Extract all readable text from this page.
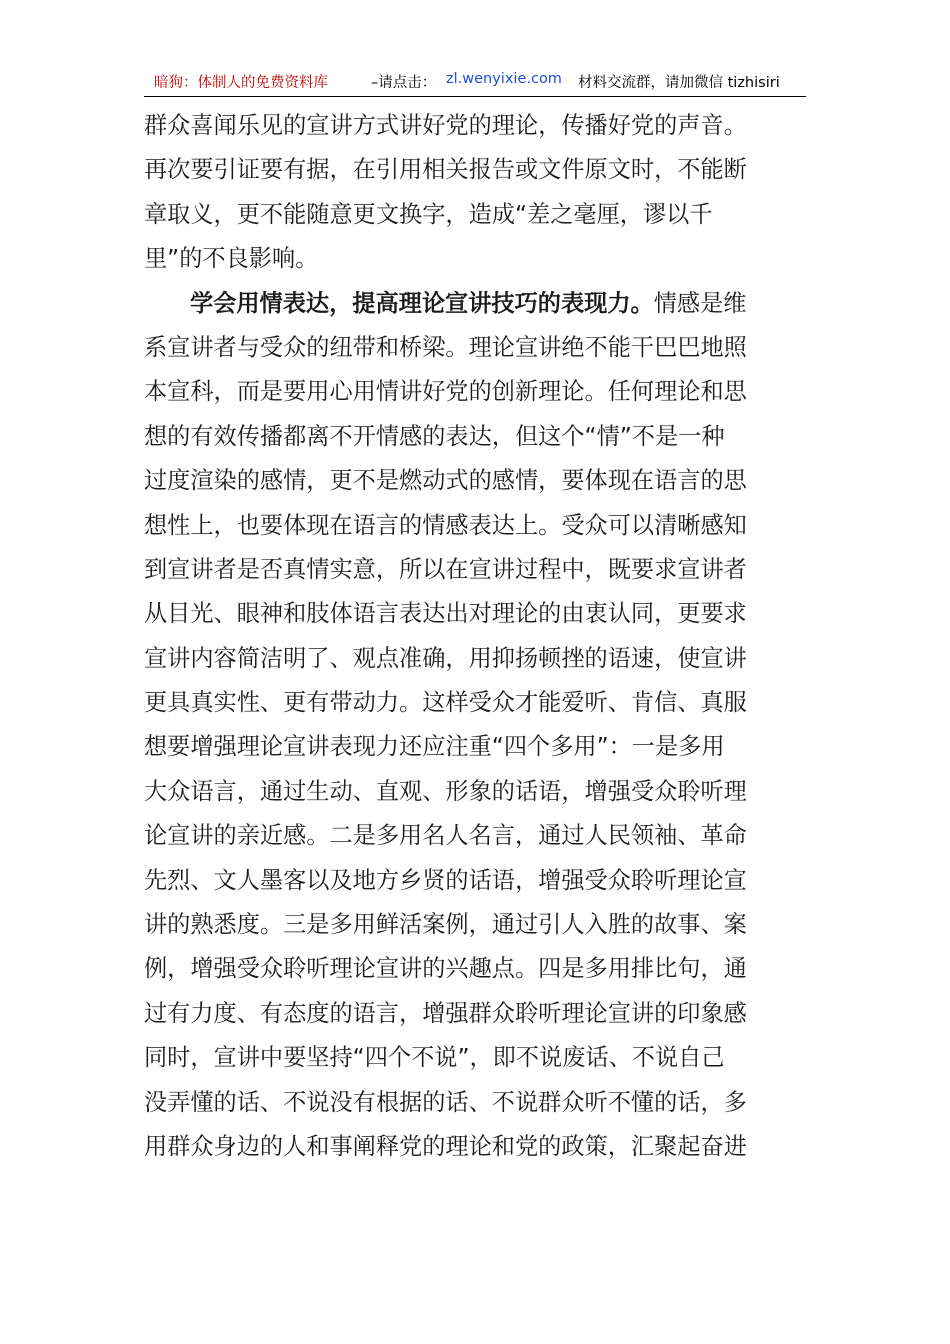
暗狗：体制人的免费资料库	–请点击： zl.wenyixie.com 材料交流群，请加微信 tizhisiri
群众喜闻乐见的宣讲方式讲好党的理论，传播好党的声音。
再次要引证要有据，在引用相关报告或文件原文时，不能断
章取义，更不能随意更文换字，造成“差之毫厘，谬以千
里”的不良影响。
学会用情表达，提高理论宣讲技巧的表现力。情感是维
系宣讲者与受众的纽带和桥梁。理论宣讲绝不能干巴巴地照
本宣科，而是要用心用情讲好党的创新理论。任何理论和思
想的有效传播都离不开情感的表达，但这个“情”不是一种
过度渲染的感情，更不是燃动式的感情，要体现在语言的思
想性上，也要体现在语言的情感表达上。受众可以清晰感知
到宣讲者是否真情实意，所以在宣讲过程中，既要求宣讲者
从目光、眼神和肢体语言表达出对理论的由衷认同，更要求
宣讲内容简洁明了、观点准确，用抑扬顿挫的语速，使宣讲
更具真实性、更有带动力。这样受众才能爱听、肯信、真服
想要增强理论宣讲表现力还应注重“四个多用”：一是多用
大众语言，通过生动、直观、形象的话语，增强受众聆听理
论宣讲的亲近感。二是多用名人名言，通过人民领袖、革命
先烈、文人墨客以及地方乡贤的话语，增强受众聆听理论宣
讲的熟悉度。三是多用鲜活案例，通过引人入胜的故事、案
例，增强受众聆听理论宣讲的兴趣点。四是多用排比句，通
过有力度、有态度的语言，增强群众聆听理论宣讲的印象感
同时，宣讲中要坚持“四个不说”，即不说废话、不说自己
没弄懂的话、不说没有根据的话、不说群众听不懂的话，多
用群众身边的人和事阐释党的理论和党的政策，汇聚起奋进
